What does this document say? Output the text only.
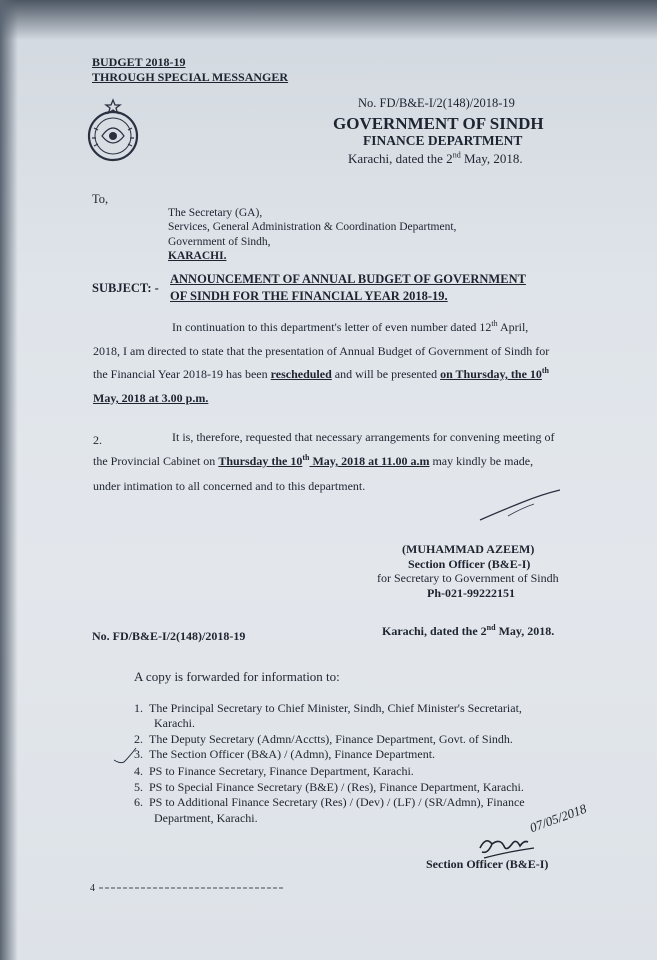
BUDGET 2018-19
THROUGH SPECIAL MESSANGER
No. FD/B&E-I/2(148)/2018-19
GOVERNMENT OF SINDH
FINANCE DEPARTMENT
Karachi, dated the 2nd May, 2018.
To,
The Secretary (GA),
Services, General Administration & Coordination Department,
Government of Sindh,
KARACHI.
SUBJECT: -
ANNOUNCEMENT OF ANNUAL BUDGET OF GOVERNMENT
OF SINDH FOR THE FINANCIAL YEAR 2018-19.
In continuation to this department's letter of even number dated 12th April,
2018, I am directed to state that the presentation of Annual Budget of Government of Sindh for
the Financial Year 2018-19 has been rescheduled and will be presented on Thursday, the 10th
May, 2018 at 3.00 p.m.
2.	It is, therefore, requested that necessary arrangements for convening meeting of
the Provincial Cabinet on Thursday the 10th May, 2018 at 11.00 a.m may kindly be made,
under intimation to all concerned and to this department.
(MUHAMMAD AZEEM)
Section Officer (B&E-I)
for Secretary to Government of Sindh
Ph-021-99222151
No. FD/B&E-I/2(148)/2018-19	Karachi, dated the 2nd May, 2018.
A copy is forwarded for information to:
1. The Principal Secretary to Chief Minister, Sindh, Chief Minister's Secretariat,
Karachi.
2. The Deputy Secretary (Admn/Acctts), Finance Department, Govt. of Sindh.
3. The Section Officer (B&A) / (Admn), Finance Department.
4. PS to Finance Secretary, Finance Department, Karachi.
5. PS to Special Finance Secretary (B&E) / (Res), Finance Department, Karachi.
6. PS to Additional Finance Secretary (Res) / (Dev) / (LF) / (SR/Admn), Finance
Department, Karachi.	07/05/2018
Section Officer (B&E-I)
4
